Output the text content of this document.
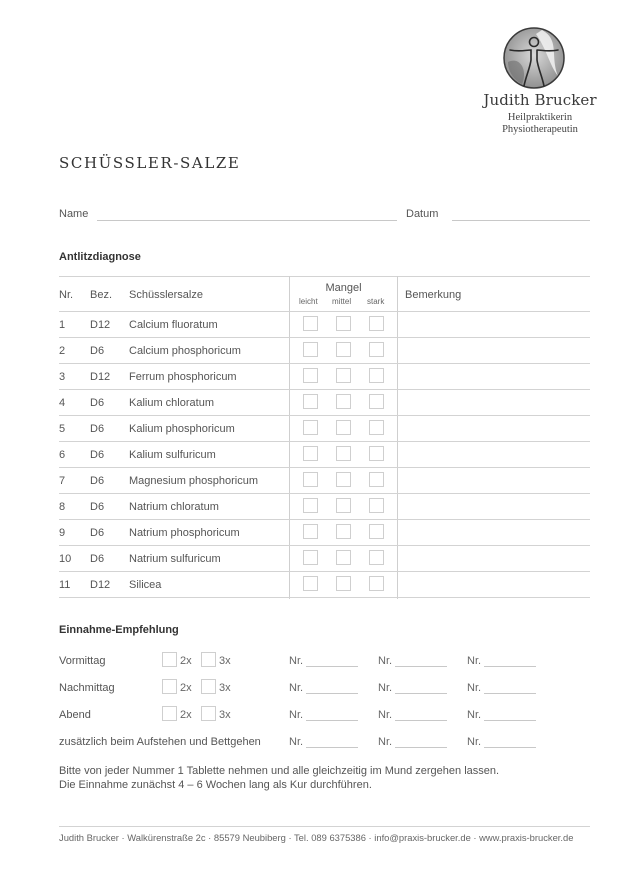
Judith Brucker
Heilpraktikerin
Physiotherapeutin
SCHÜSSLER-SALZE
Name	Datum
Antlitzdiagnose
Nr. Bez. Schüsslersalze
Mangel
leicht mittel stark
Bemerkung
1 D12 Calcium fluoratum
2 D6 Calcium phosphoricum
3 D12 Ferrum phosphoricum
4 D6 Kalium chloratum
5 D6 Kalium phosphoricum
6 D6 Kalium sulfuricum
7 D6 Magnesium phosphoricum
8 D6 Natrium chloratum
9 D6 Natrium phosphoricum
10 D6 Natrium sulfuricum
11 D12 Silicea
Einnahme-Empfehlung
Vormittag	2x 3x	Nr.	Nr.	Nr.
Nachmittag	2x 3x	Nr.	Nr.	Nr.
Abend	2x 3x	Nr.	Nr.	Nr.
zusätzlich beim Aufstehen und Bettgehen	Nr.	Nr.	Nr.
Bitte von jeder Nummer 1 Tablette nehmen und alle gleichzeitig im Mund zergehen lassen.
Die Einnahme zunächst 4 – 6 Wochen lang als Kur durchführen.
Judith Brucker · Walkürenstraße 2c · 85579 Neubiberg · Tel. 089 6375386 · info@praxis-brucker.de · www.praxis-brucker.de
